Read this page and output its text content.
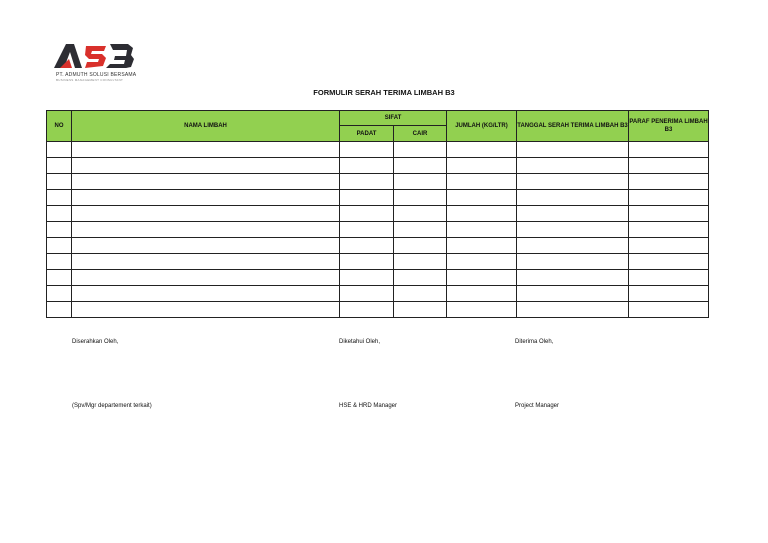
PT. ADMUTH SOLUSI BERSAMA
BUSINESS MANAGEMENT CONSULTANT
FORMULIR SERAH TERIMA LIMBAH B3
NO	NAMA LIMBAH	SIFAT		JUMLAH (KG/LTR)	TANGGAL SERAH TERIMA LIMBAH B3	PARAF PENERIMA LIMBAH B3
		PADAT	CAIR			

Diserahkan Oleh,	Diketahui Oleh,	Diterima Oleh,
(Spv/Mgr departement terkait)	HSE & HRD Manager	Project Manager
